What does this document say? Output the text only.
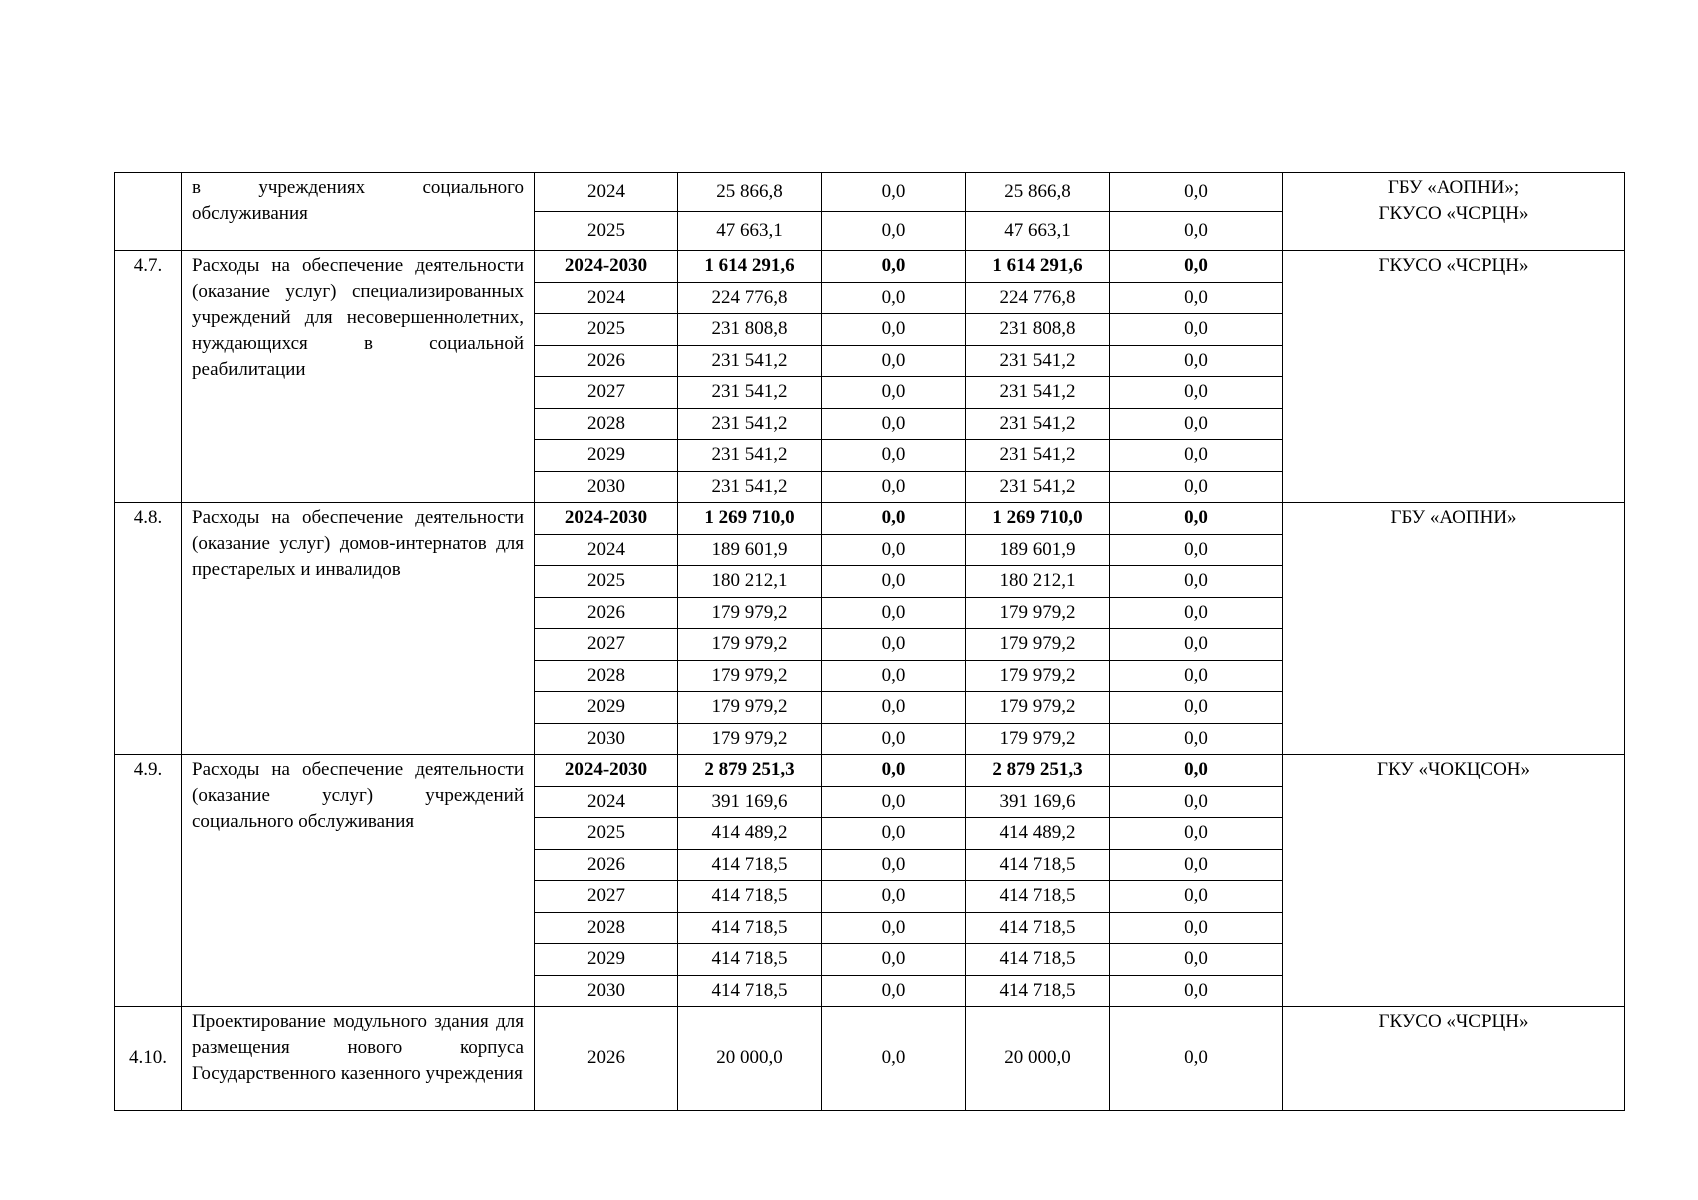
	в учреждениях социального обслуживания	2024	25 866,8	0,0	25 866,8	0,0	ГБУ «АОПНИ»;
ГКУСО «ЧСРЦН»

		2025	47 663,1	0,0	47 663,1	0,0	
4.7.	Расходы на обеспечение деятельности (оказание услуг) специализированных учреждений для несовершеннолетних, нуждающихся в социальной реабилитации	2024-2030	1 614 291,6	0,0	1 614 291,6	0,0	ГКУСО «ЧСРЦН»

		2024	224 776,8	0,0	224 776,8	0,0	
		2025	231 808,8	0,0	231 808,8	0,0	
		2026	231 541,2	0,0	231 541,2	0,0	
		2027	231 541,2	0,0	231 541,2	0,0	
		2028	231 541,2	0,0	231 541,2	0,0	
		2029	231 541,2	0,0	231 541,2	0,0	
		2030	231 541,2	0,0	231 541,2	0,0	
4.8.	Расходы на обеспечение деятельности (оказание услуг) домов-интернатов для престарелых и инвалидов	2024-2030	1 269 710,0	0,0	1 269 710,0	0,0	ГБУ «АОПНИ»

		2024	189 601,9	0,0	189 601,9	0,0	
		2025	180 212,1	0,0	180 212,1	0,0	
		2026	179 979,2	0,0	179 979,2	0,0	
		2027	179 979,2	0,0	179 979,2	0,0	
		2028	179 979,2	0,0	179 979,2	0,0	
		2029	179 979,2	0,0	179 979,2	0,0	
		2030	179 979,2	0,0	179 979,2	0,0	
4.9.	Расходы на обеспечение деятельности (оказание услуг) учреждений социального обслуживания	2024-2030	2 879 251,3	0,0	2 879 251,3	0,0	ГКУ «ЧОКЦСОН»

		2024	391 169,6	0,0	391 169,6	0,0	
		2025	414 489,2	0,0	414 489,2	0,0	
		2026	414 718,5	0,0	414 718,5	0,0	
		2027	414 718,5	0,0	414 718,5	0,0	
		2028	414 718,5	0,0	414 718,5	0,0	
		2029	414 718,5	0,0	414 718,5	0,0	
		2030	414 718,5	0,0	414 718,5	0,0	
4.10.	Проектирование модульного здания для размещения нового корпуса Государственного казенного учреждения	2026	20 000,0	0,0	20 000,0	0,0	ГКУСО «ЧСРЦН»
